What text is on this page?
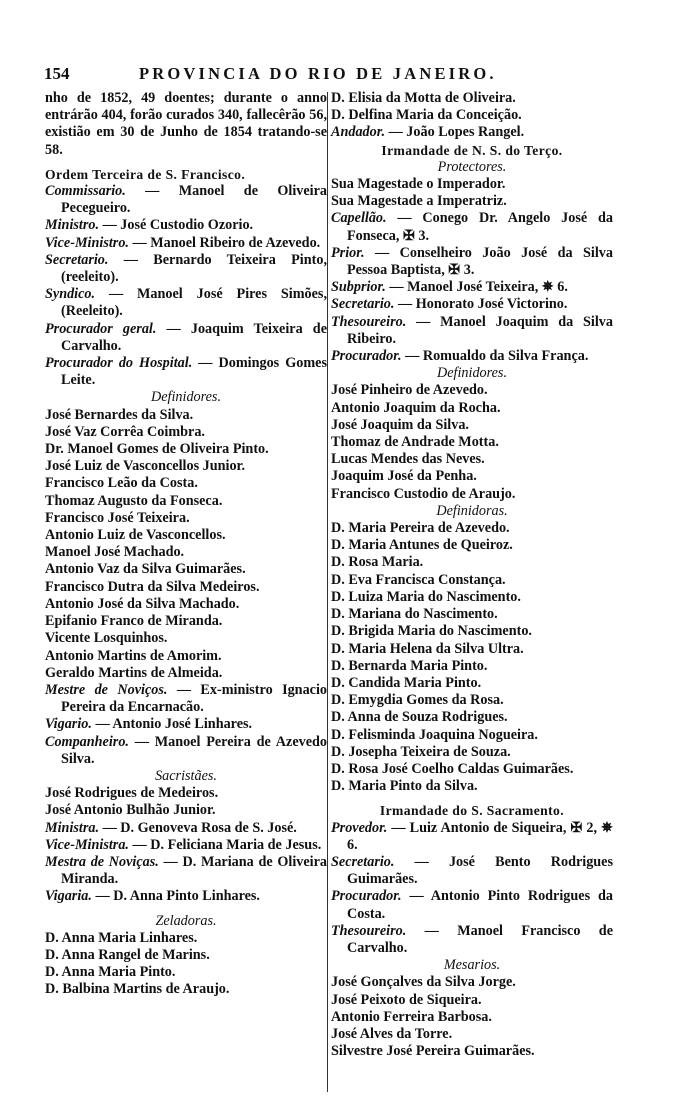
154	PROVINCIA DO RIO DE JANEIRO.
nho de 1852, 49 doentes; durante o anno entrárão 404, forão curados 340, fallecêrão 56, existião em 30 de Junho de 1854 tratando-se 58.
Ordem Terceira de S. Francisco.
Commissario. — Manoel de Oliveira Pecegueiro.
Ministro. — José Custodio Ozorio.
Vice-Ministro. — Manoel Ribeiro de Azevedo.
Secretario. — Bernardo Teixeira Pinto, (reeleito).
Syndico. — Manoel José Pires Simões, (Reeleito).
Procurador geral. — Joaquim Teixeira de Carvalho.
Procurador do Hospital. — Domingos Gomes Leite.
Definidores.
José Bernardes da Silva.
José Vaz Corrêa Coimbra.
Dr. Manoel Gomes de Oliveira Pinto.
José Luiz de Vasconcellos Junior.
Francisco Leão da Costa.
Thomaz Augusto da Fonseca.
Francisco José Teixeira.
Antonio Luiz de Vasconcellos.
Manoel José Machado.
Antonio Vaz da Silva Guimarães.
Francisco Dutra da Silva Medeiros.
Antonio José da Silva Machado.
Epifanio Franco de Miranda.
Vicente Losquinhos.
Antonio Martins de Amorim.
Geraldo Martins de Almeida.
Mestre de Noviços. — Ex-ministro Ignacio Pereira da Encarnacão.
Vigario. — Antonio José Linhares.
Companheiro. — Manoel Pereira de Azevedo Silva.
Sacristães.
José Rodrigues de Medeiros.
José Antonio Bulhão Junior.
Ministra. — D. Genoveva Rosa de S. José.
Vice-Ministra. — D. Feliciana Maria de Jesus.
Mestra de Noviças. — D. Mariana de Oliveira Miranda.
Vigaria. — D. Anna Pinto Linhares.
Zeladoras.
D. Anna Maria Linhares.
D. Anna Rangel de Marins.
D. Anna Maria Pinto.
D. Balbina Martins de Araujo.
D. Elisia da Motta de Oliveira.
D. Delfina Maria da Conceição.
Andador. — João Lopes Rangel.
Irmandade de N. S. do Terço.
Protectores.
Sua Magestade o Imperador.
Sua Magestade a Imperatriz.
Capellão. — Conego Dr. Angelo José da Fonseca, ✠ 3.
Prior. — Conselheiro João José da Silva Pessoa Baptista, ✠ 3.
Subprior. — Manoel José Teixeira, ✵ 6.
Secretario. — Honorato José Victorino.
Thesoureiro. — Manoel Joaquim da Silva Ribeiro.
Procurador. — Romualdo da Silva França.
Definidores.
José Pinheiro de Azevedo.
Antonio Joaquim da Rocha.
José Joaquim da Silva.
Thomaz de Andrade Motta.
Lucas Mendes das Neves.
Joaquim José da Penha.
Francisco Custodio de Araujo.
Definidoras.
D. Maria Pereira de Azevedo.
D. Maria Antunes de Queiroz.
D. Rosa Maria.
D. Eva Francisca Constança.
D. Luiza Maria do Nascimento.
D. Mariana do Nascimento.
D. Brigida Maria do Nascimento.
D. Maria Helena da Silva Ultra.
D. Bernarda Maria Pinto.
D. Candida Maria Pinto.
D. Emygdia Gomes da Rosa.
D. Anna de Souza Rodrigues.
D. Felisminda Joaquina Nogueira.
D. Josepha Teixeira de Souza.
D. Rosa José Coelho Caldas Guimarães.
D. Maria Pinto da Silva.
Irmandade do S. Sacramento.
Provedor. — Luiz Antonio de Siqueira, ✠ 2, ✵ 6.
Secretario. — José Bento Rodrigues Guimarães.
Procurador. — Antonio Pinto Rodrigues da Costa.
Thesoureiro. — Manoel Francisco de Carvalho.
Mesarios.
José Gonçalves da Silva Jorge.
José Peixoto de Siqueira.
Antonio Ferreira Barbosa.
José Alves da Torre.
Silvestre José Pereira Guimarães.
